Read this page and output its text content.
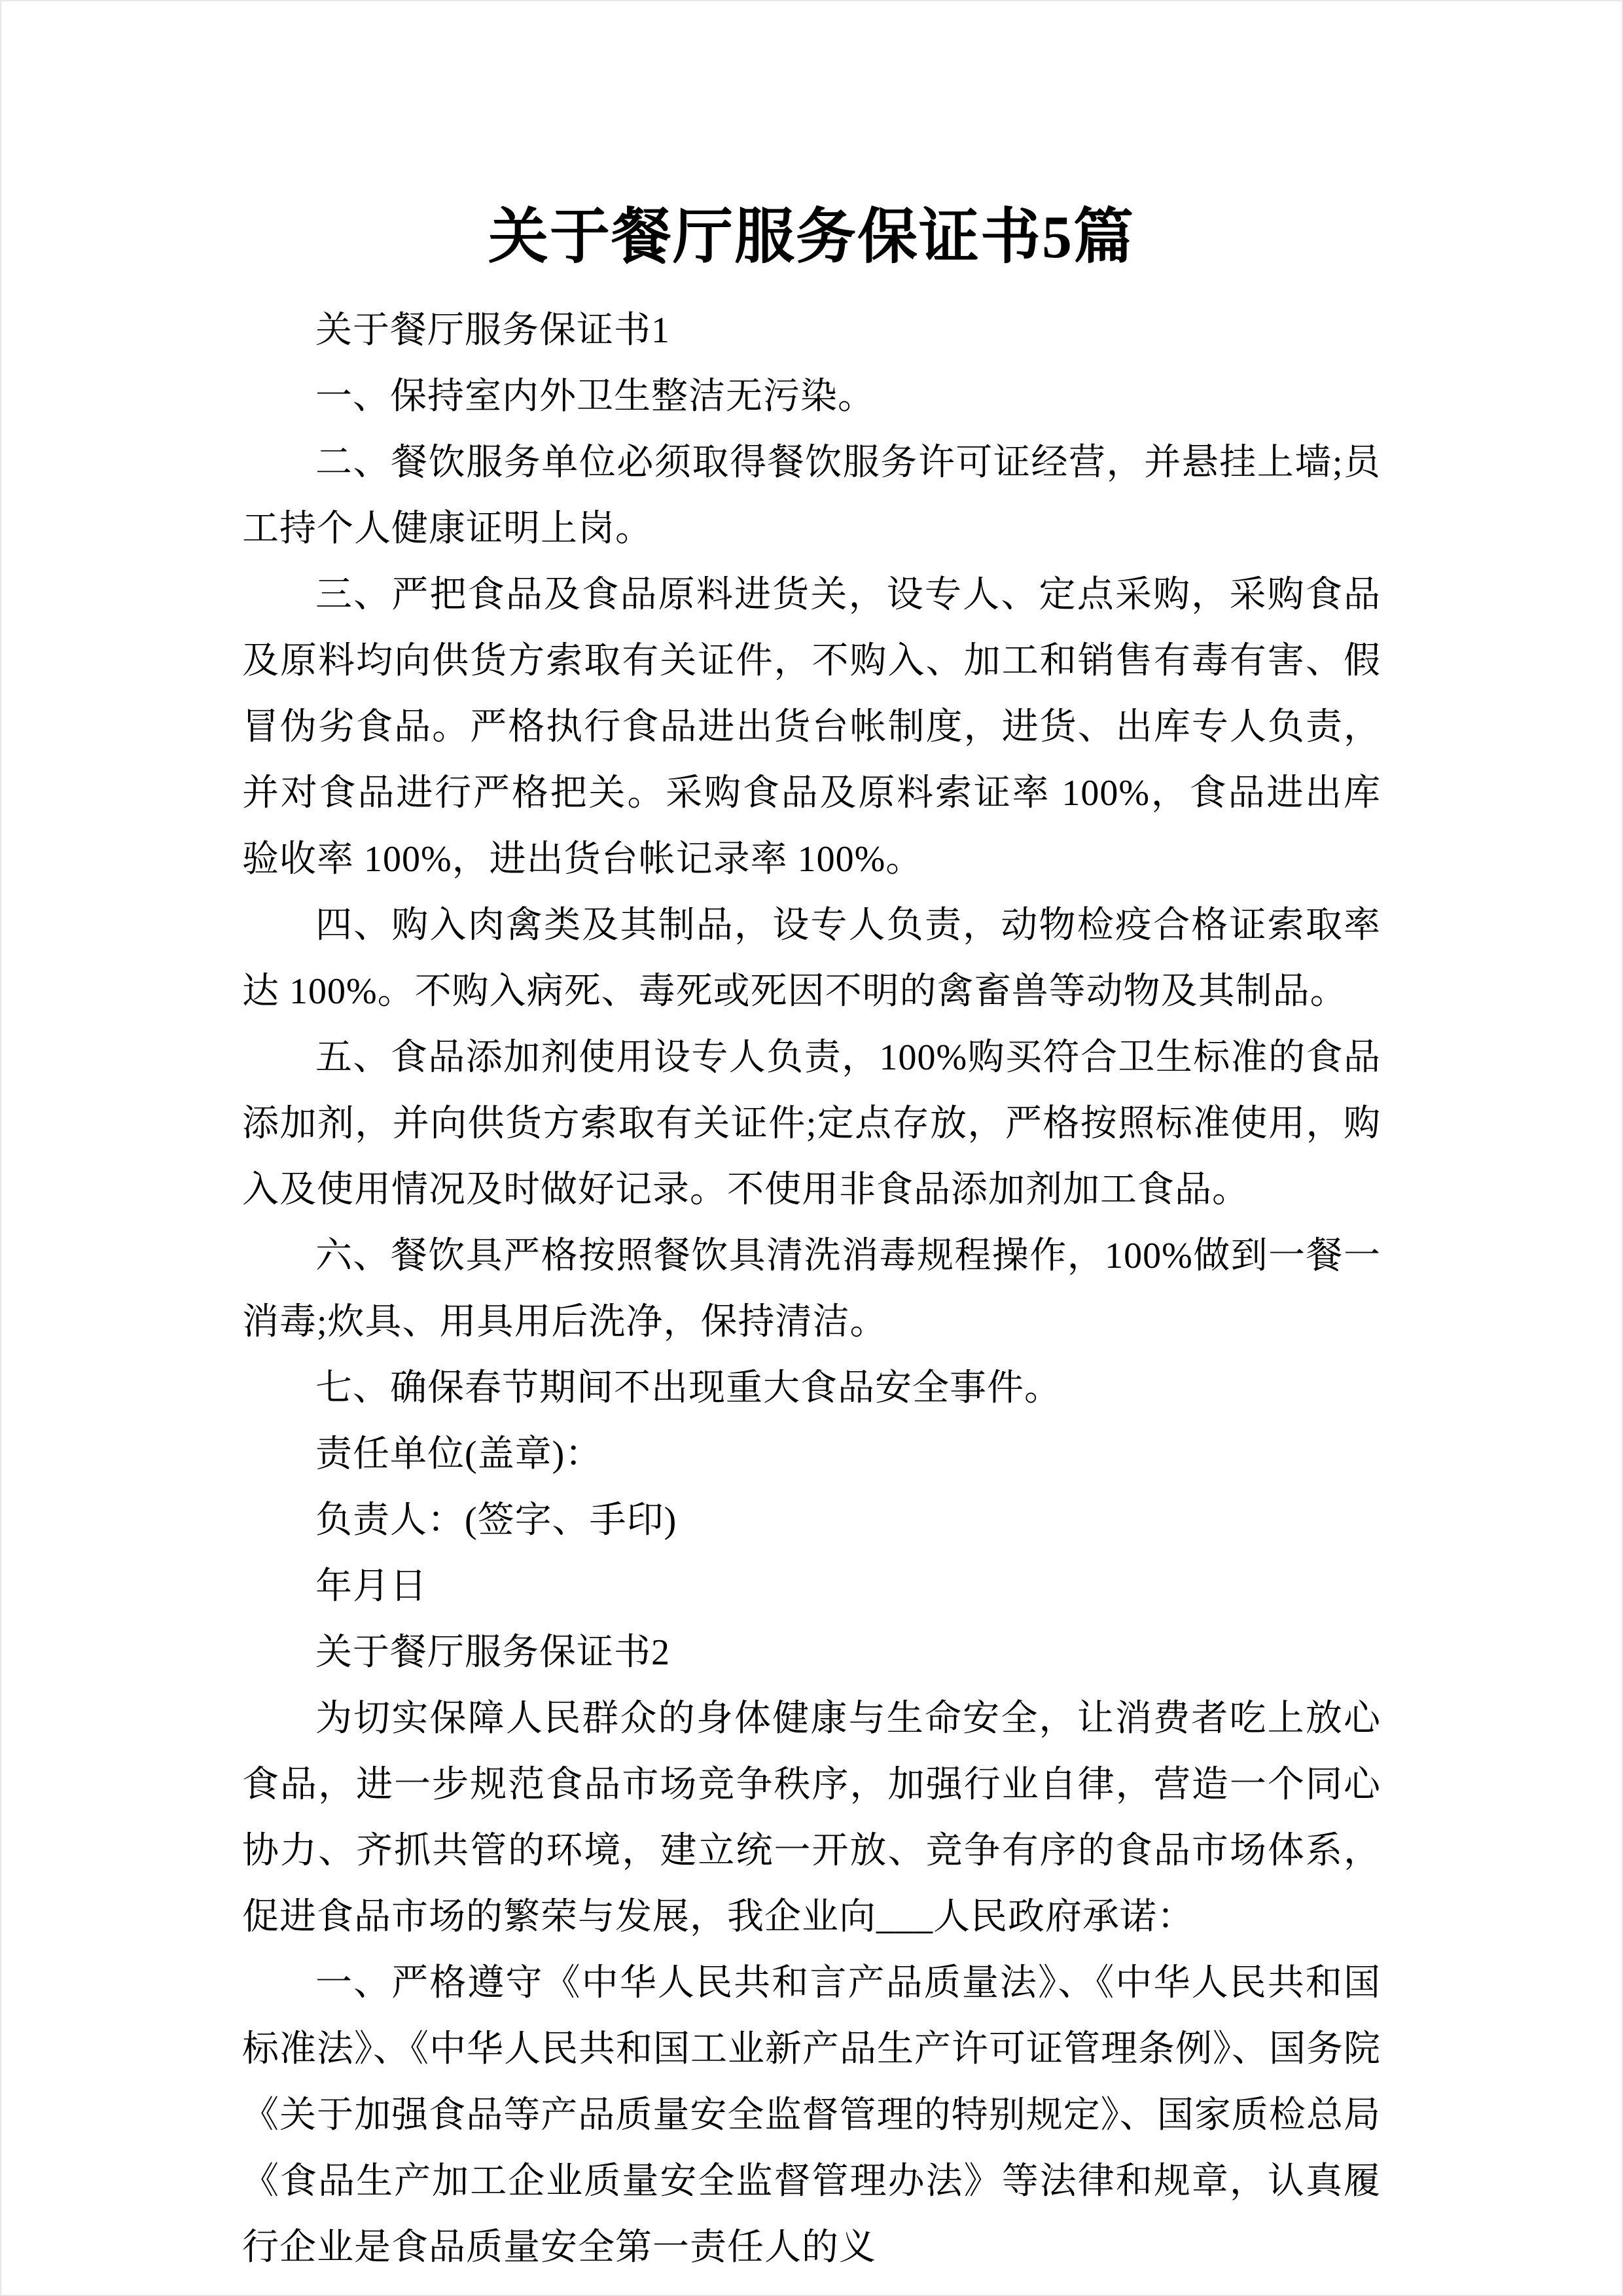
关于餐厅服务保证书5篇

关于餐厅服务保证书1

一、保持室内外卫生整洁无污染。

二、餐饮服务单位必须取得餐饮服务许可证经营，并悬挂上墙;员工持个人健康证明上岗。

三、严把食品及食品原料进货关，设专人、定点采购，采购食品及原料均向供货方索取有关证件，不购入、加工和销售有毒有害、假冒伪劣食品。严格执行食品进出货台帐制度，进货、出库专人负责，并对食品进行严格把关。采购食品及原料索证率 100%，食品进出库验收率 100%，进出货台帐记录率 100%。

四、购入肉禽类及其制品，设专人负责，动物检疫合格证索取率达 100%。不购入病死、毒死或死因不明的禽畜兽等动物及其制品。

五、食品添加剂使用设专人负责，100%购买符合卫生标准的食品添加剂，并向供货方索取有关证件;定点存放，严格按照标准使用，购入及使用情况及时做好记录。不使用非食品添加剂加工食品。

六、餐饮具严格按照餐饮具清洗消毒规程操作，100%做到一餐一消毒;炊具、用具用后洗净，保持清洁。

七、确保春节期间不出现重大食品安全事件。

责任单位(盖章)：

负责人：(签字、手印)

年月日

关于餐厅服务保证书2

为切实保障人民群众的身体健康与生命安全，让消费者吃上放心食品，进一步规范食品市场竞争秩序，加强行业自律，营造一个同心协力、齐抓共管的环境，建立统一开放、竞争有序的食品市场体系，促进食品市场的繁荣与发展，我企业向___人民政府承诺：

一、严格遵守《中华人民共和言产品质量法》、《中华人民共和国标准法》、《中华人民共和国工业新产品生产许可证管理条例》、国务院《关于加强食品等产品质量安全监督管理的特别规定》、国家质检总局《食品生产加工企业质量安全监督管理办法》等法律和规章，认真履行企业是食品质量安全第一责任人的义
